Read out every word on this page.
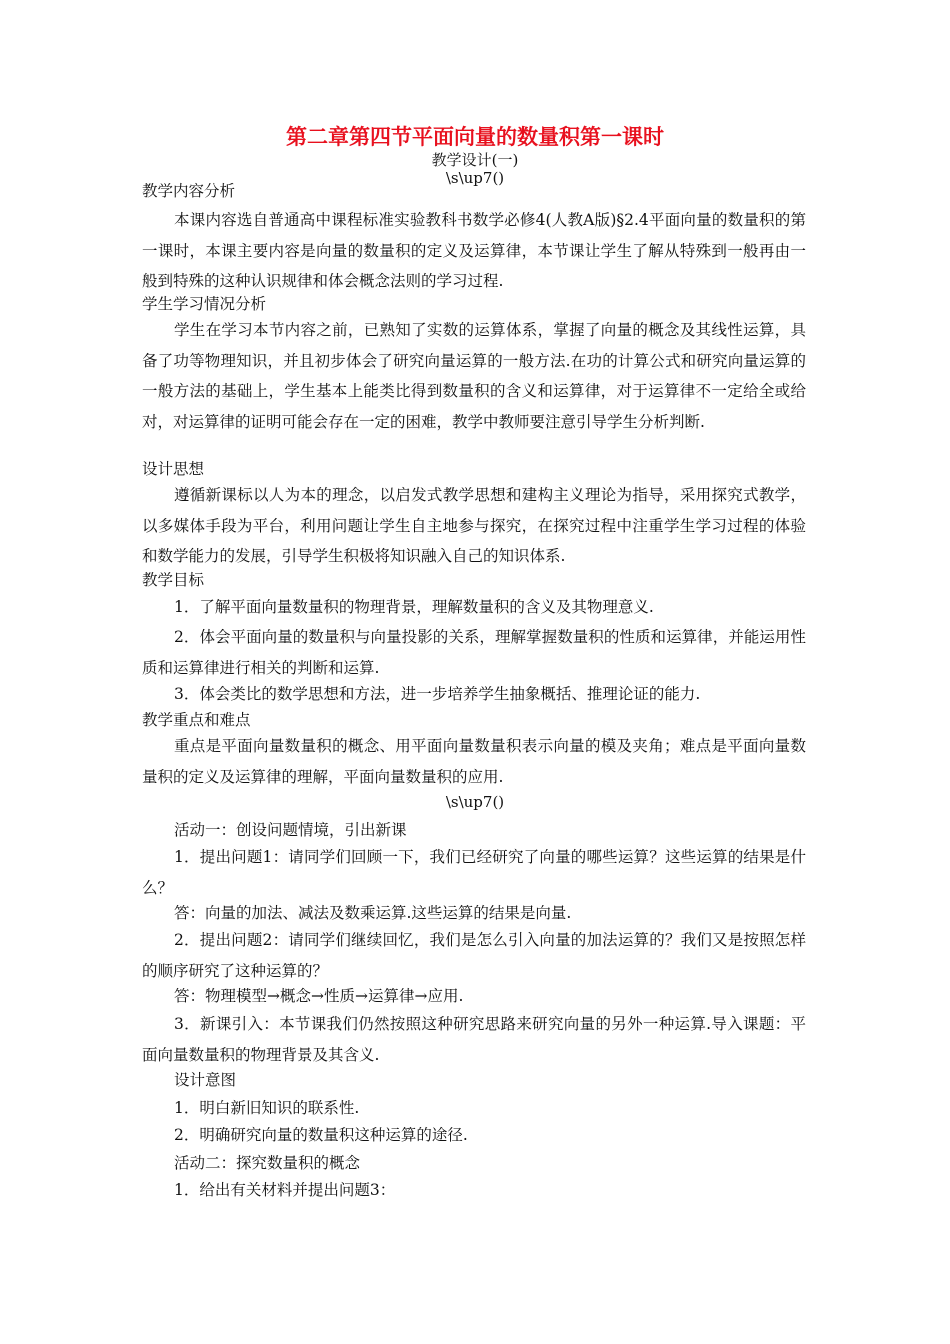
第二章第四节平面向量的数量积第一课时
教学设计(一)
\s\up7()
教学内容分析

本课内容选自普通高中课程标准实验教科书数学必修4(人教A版)§2.4平面向量的数量积的第一课时，本课主要内容是向量的数量积的定义及运算律，本节课让学生了解从特殊到一般再由一般到特殊的这种认识规律和体会概念法则的学习过程.

学生学习情况分析

学生在学习本节内容之前，已熟知了实数的运算体系，掌握了向量的概念及其线性运算，具备了功等物理知识，并且初步体会了研究向量运算的一般方法.在功的计算公式和研究向量运算的一般方法的基础上，学生基本上能类比得到数量积的含义和运算律，对于运算律不一定给全或给对，对运算律的证明可能会存在一定的困难，教学中教师要注意引导学生分析判断.

设计思想

遵循新课标以人为本的理念，以启发式教学思想和建构主义理论为指导，采用探究式教学，以多媒体手段为平台，利用问题让学生自主地参与探究，在探究过程中注重学生学习过程的体验和数学能力的发展，引导学生积极将知识融入自己的知识体系.

教学目标

1．了解平面向量数量积的物理背景，理解数量积的含义及其物理意义.

2．体会平面向量的数量积与向量投影的关系，理解掌握数量积的性质和运算律，并能运用性质和运算律进行相关的判断和运算.

3．体会类比的数学思想和方法，进一步培养学生抽象概括、推理论证的能力.

教学重点和难点

重点是平面向量数量积的概念、用平面向量数量积表示向量的模及夹角；难点是平面向量数量积的定义及运算律的理解，平面向量数量积的应用.

\s\up7()
活动一：创设问题情境，引出新课

1．提出问题1：请同学们回顾一下，我们已经研究了向量的哪些运算？这些运算的结果是什么？

答：向量的加法、减法及数乘运算.这些运算的结果是向量.

2．提出问题2：请同学们继续回忆，我们是怎么引入向量的加法运算的？我们又是按照怎样的顺序研究了这种运算的？

答：物理模型→概念→性质→运算律→应用.

3．新课引入：本节课我们仍然按照这种研究思路来研究向量的另外一种运算.导入课题：平面向量数量积的物理背景及其含义.

设计意图
1．明白新旧知识的联系性.
2．明确研究向量的数量积这种运算的途径.
活动二：探究数量积的概念
1．给出有关材料并提出问题3：
